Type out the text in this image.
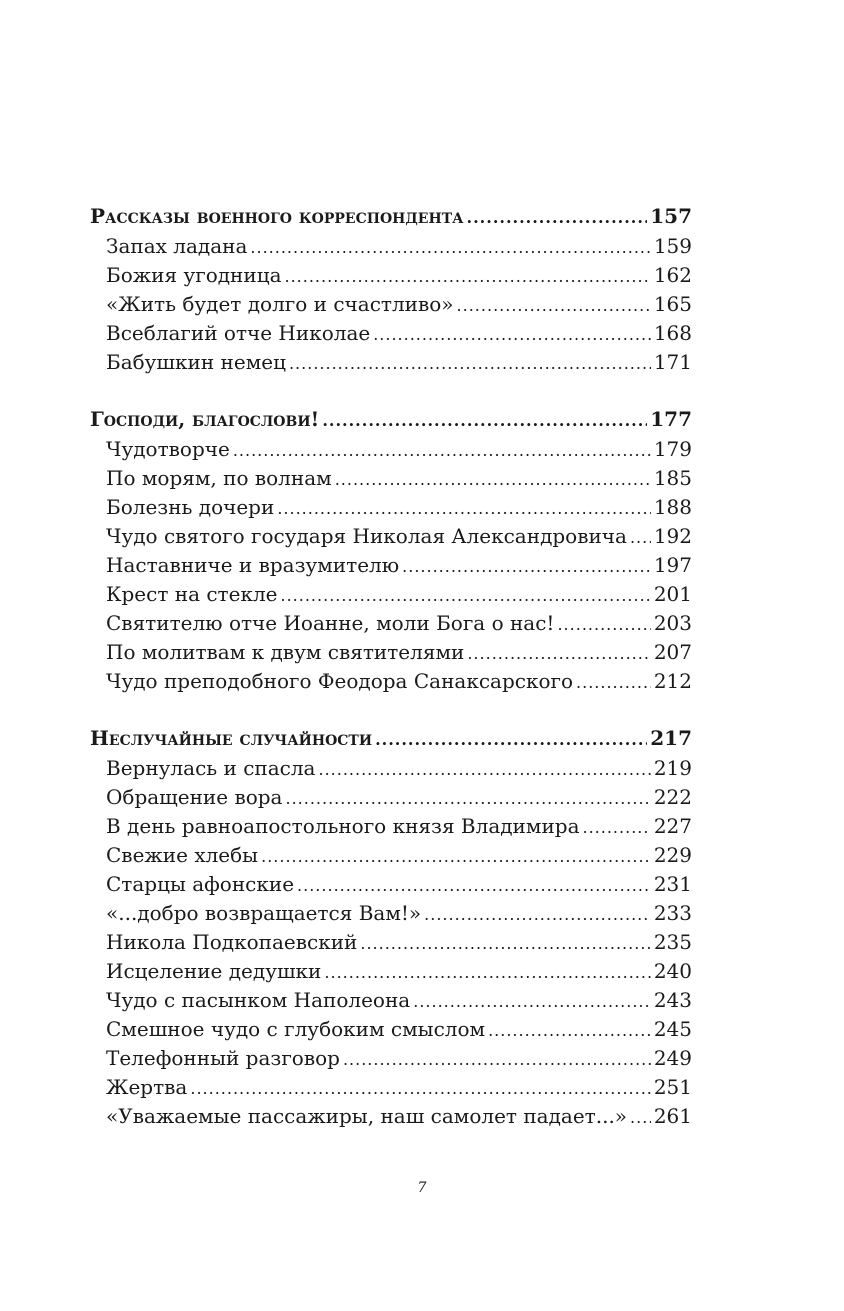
Рассказы военного корреспондента .....	157
Запах ладана .....	159
Божия угодница .....	162
«Жить будет долго и счастливо» .....	165
Всеблагий отче Николае .....	168
Бабушкин немец .....	171
Господи, благослови! .....	177
Чудотворче .....	179
По морям, по волнам .....	185
Болезнь дочери .....	188
Чудо святого государя Николая Александровича ..... 192
Наставниче и вразумителю .....	197
Крест на стекле .....	201
Святителю отче Иоанне, моли Бога о нас! .....	203
По молитвам к двум святителями .....	207
Чудо преподобного Феодора Санаксарского .....	212
Неслучайные случайности .....	217
Вернулась и спасла .....	219
Обращение вора .....	222
В день равноапостольного князя Владимира .....	227
Свежие хлебы .....	229
Старцы афонские .....	231
«...добро возвращается Вам!» .....	233
Никола Подкопаевский .....	235
Исцеление дедушки .....	240
Чудо с пасынком Наполеона .....	243
Смешное чудо с глубоким смыслом .....	245
Телефонный разговор .....	249
Жертва .....	251
«Уважаемые пассажиры, наш самолет падает...» ..... 261
7
